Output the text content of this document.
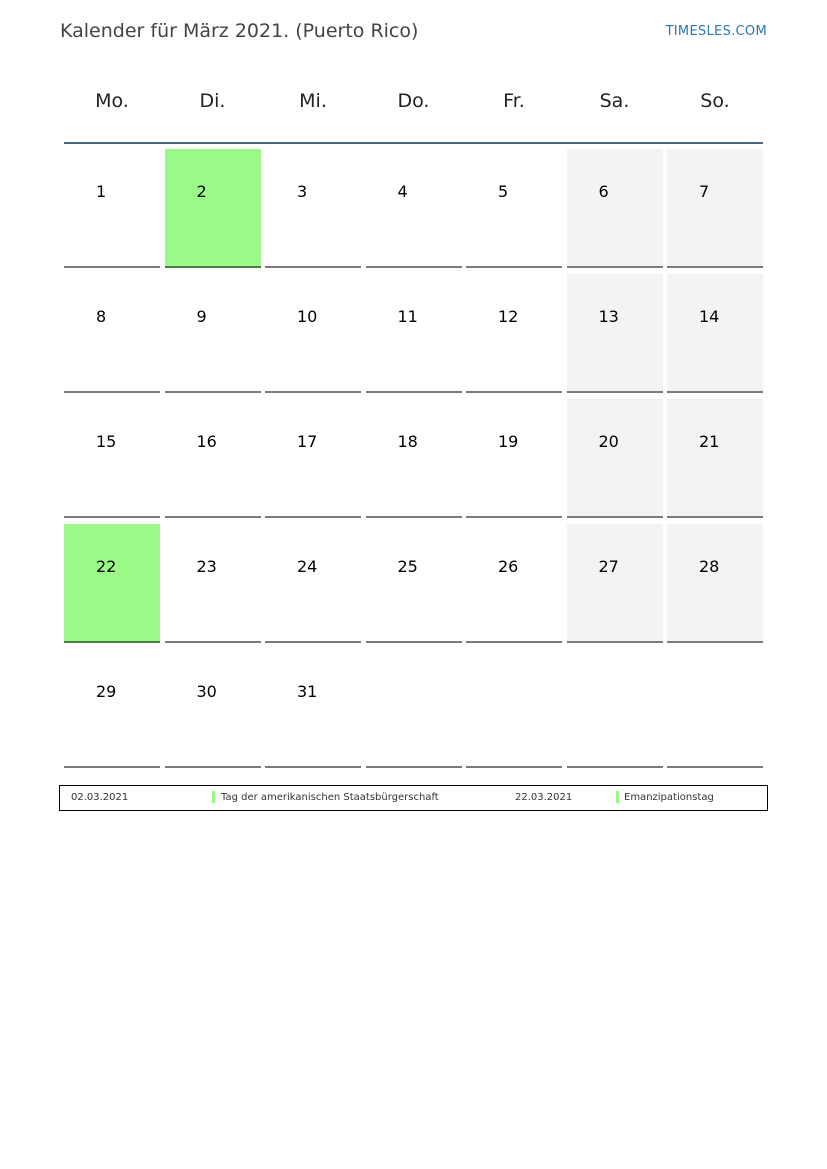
Kalender für März 2021. (Puerto Rico)	TIMESLES.COM
Mo.	Di.	Mi.	Do.	Fr.	Sa.	So.
1	2	3	4	5	6	7
8	9	10	11	12	13	14
15	16	17	18	19	20	21
22	23	24	25	26	27	28
29	30	31
02.03.2021	Tag der amerikanischen Staatsbürgerschaft	22.03.2021	Emanzipationstag
